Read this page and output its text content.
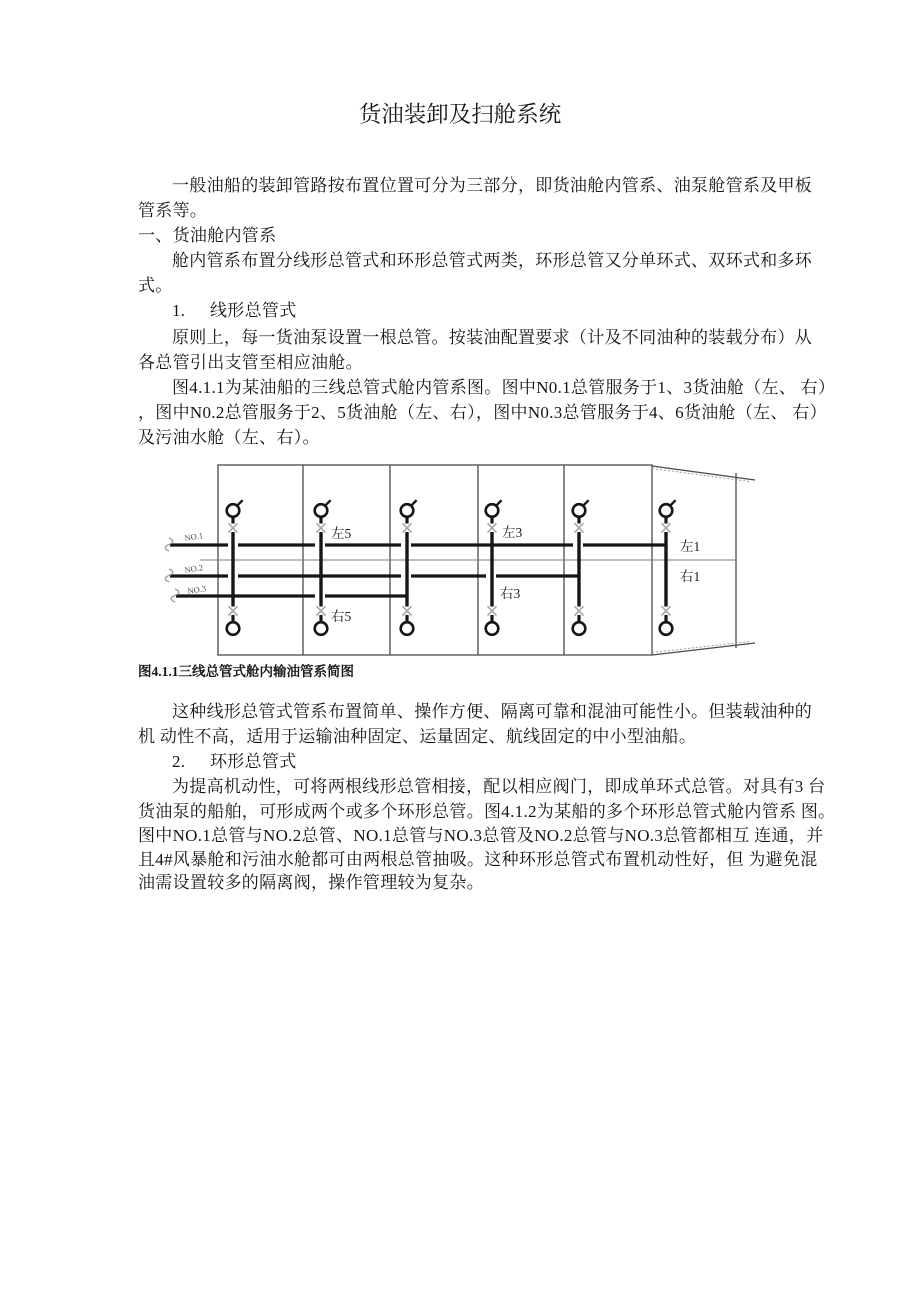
货油装卸及扫舱系统
一般油船的装卸管路按布置位置可分为三部分，即货油舱内管系、油泵舱管系及甲板
管系等。
一、货油舱内管系
舱内管系布置分线形总管式和环形总管式两类，环形总管又分单环式、双环式和多环
式。
1. 线形总管式
原则上，每一货油泵设置一根总管。按装油配置要求（计及不同油种的装载分布）从
各总管引出支管至相应油舱。
图4.1.1为某油船的三线总管式舱内管系图。图中N0.1总管服务于1、3货油舱（左、 右）
，图中N0.2总管服务于2、5货油舱（左、右），图中N0.3总管服务于4、6货油舱（左、 右）
及污油水舱（左、右）。
NO.1
NO.2
NO.3
左5
右5
左3
右3
左1
右1
图4.1.1三线总管式舱内输油管系简图
这种线形总管式管系布置简单、操作方便、隔离可靠和混油可能性小。但装载油种的
机 动性不高，适用于运输油种固定、运量固定、航线固定的中小型油船。
2. 环形总管式
为提高机动性，可将两根线形总管相接，配以相应阀门，即成单环式总管。对具有3 台
货油泵的船舶，可形成两个或多个环形总管。图4.1.2为某船的多个环形总管式舱内管系 图。
图中NO.1总管与NO.2总管、NO.1总管与NO.3总管及NO.2总管与NO.3总管都相互 连通，并
且4#风暴舱和污油水舱都可由两根总管抽吸。这种环形总管式布置机动性好，但 为避免混
油需设置较多的隔离阀，操作管理较为复杂。
